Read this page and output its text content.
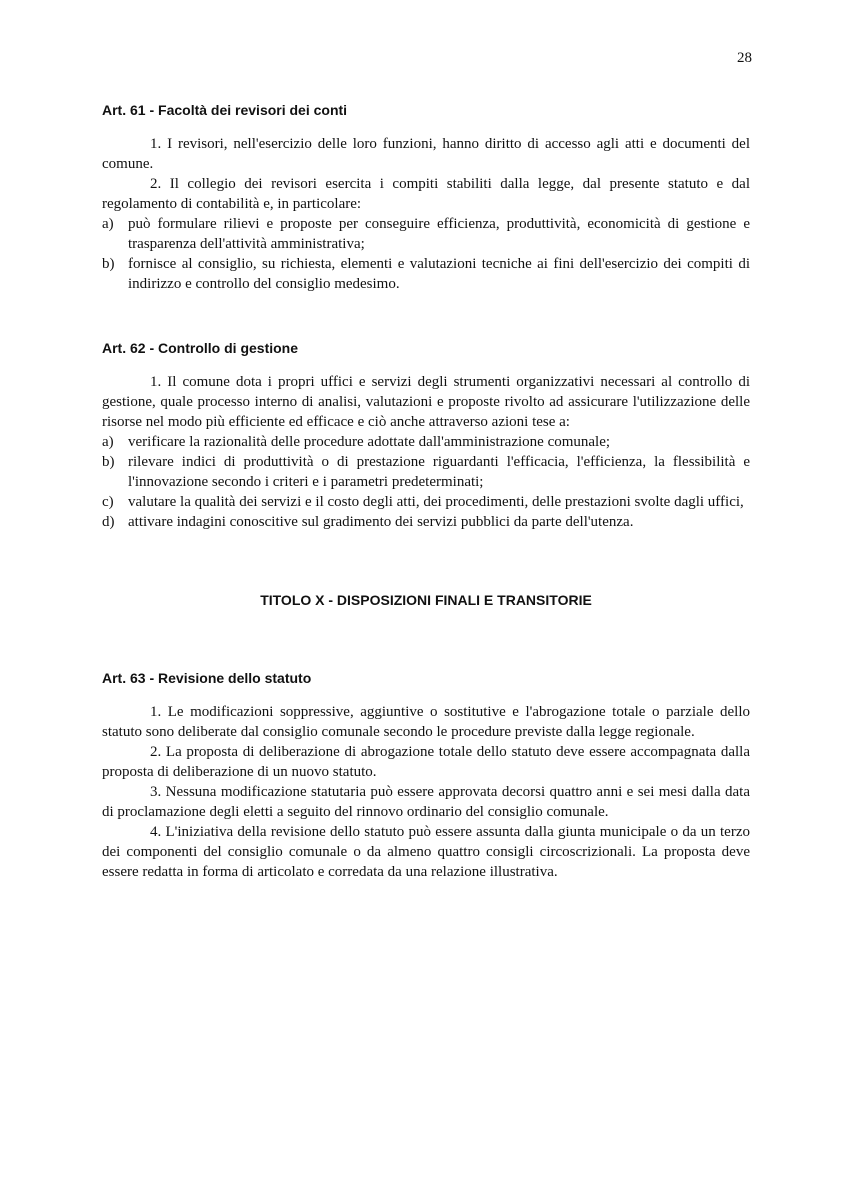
28
Art. 61 - Facoltà dei revisori dei conti

1. I revisori, nell'esercizio delle loro funzioni, hanno diritto di accesso agli atti e documenti del comune.

2. Il collegio dei revisori esercita i compiti stabiliti dalla legge, dal presente statuto e dal regolamento di contabilità e, in particolare:

a) può formulare rilievi e proposte per conseguire efficienza, produttività, economicità di gestione e trasparenza dell'attività amministrativa;
b) fornisce al consiglio, su richiesta, elementi e valutazioni tecniche ai fini dell'esercizio dei compiti di indirizzo e controllo del consiglio medesimo.
Art. 62 - Controllo di gestione

1. Il comune dota i propri uffici e servizi degli strumenti organizzativi necessari al controllo di gestione, quale processo interno di analisi, valutazioni e proposte rivolto ad assicurare l'utilizzazione delle risorse nel modo più efficiente ed efficace e ciò anche attraverso azioni tese a:

a) verificare la razionalità delle procedure adottate dall'amministrazione comunale;
b) rilevare indici di produttività o di prestazione riguardanti l'efficacia, l'efficienza, la flessibilità e l'innovazione secondo i criteri e i parametri predeterminati;
c) valutare la qualità dei servizi e il costo degli atti, dei procedimenti, delle prestazioni svolte dagli uffici,
d) attivare indagini conoscitive sul gradimento dei servizi pubblici da parte dell'utenza.
TITOLO X - DISPOSIZIONI FINALI E TRANSITORIE
Art. 63 - Revisione dello statuto

1. Le modificazioni soppressive, aggiuntive o sostitutive e l'abrogazione totale o parziale dello statuto sono deliberate dal consiglio comunale secondo le procedure previste dalla legge regionale.

2. La proposta di deliberazione di abrogazione totale dello statuto deve essere accompagnata dalla proposta di deliberazione di un nuovo statuto.

3. Nessuna modificazione statutaria può essere approvata decorsi quattro anni e sei mesi dalla data di proclamazione degli eletti a seguito del rinnovo ordinario del consiglio comunale.

4. L'iniziativa della revisione dello statuto può essere assunta dalla giunta municipale o da un terzo dei componenti del consiglio comunale o da almeno quattro consigli circoscrizionali. La proposta deve essere redatta in forma di articolato e corredata da una relazione illustrativa.
